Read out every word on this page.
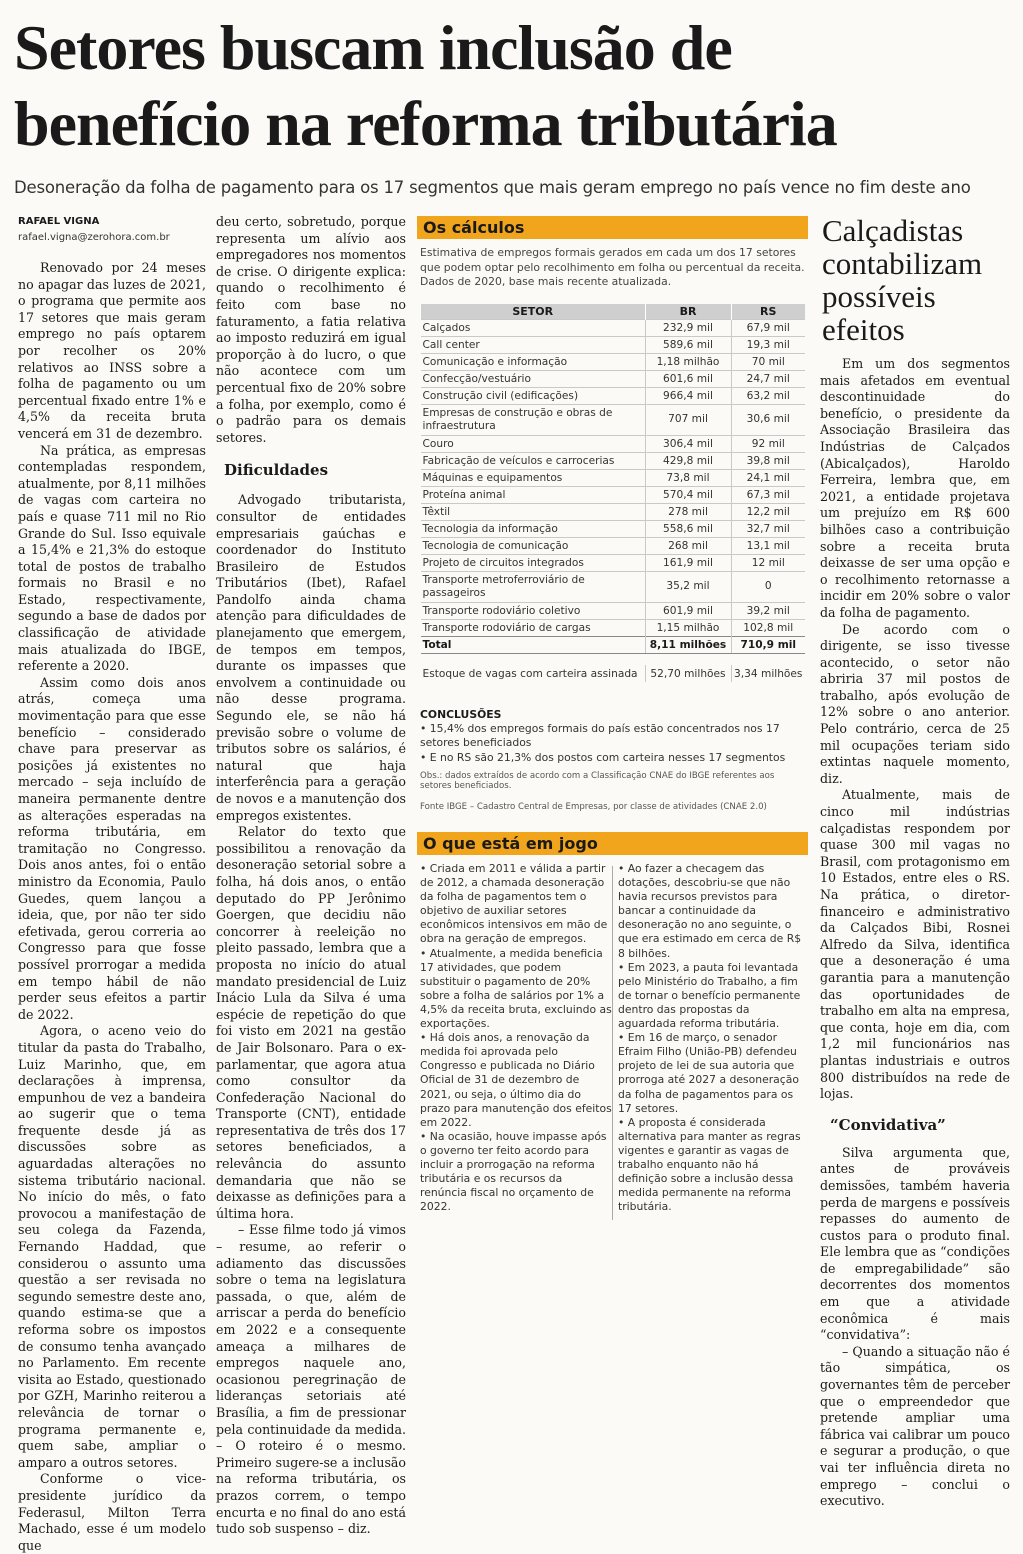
Setores buscam inclusão de
benefício na reforma tributária
Desoneração da folha de pagamento para os 17 segmentos que mais geram emprego no país vence no fim deste ano
RAFAEL VIGNA
rafael.vigna@zerohora.com.br

Renovado por 24 meses no apagar das luzes de 2021, o programa que permite aos 17 setores que mais geram emprego no país optarem por recolher os 20% relativos ao INSS sobre a folha de pagamento ou um percentual fixado entre 1% e 4,5% da receita bruta vencerá em 31 de dezembro.

Na prática, as empresas contempladas respondem, atualmente, por 8,11 milhões de vagas com carteira no país e quase 711 mil no Rio Grande do Sul. Isso equivale a 15,4% e 21,3% do estoque total de postos de trabalho formais no Brasil e no Estado, respectivamente, segundo a base de dados por classificação de atividade mais atualizada do IBGE, referente a 2020.

Assim como dois anos atrás, começa uma movimentação para que esse benefício – considerado chave para preservar as posições já existentes no mercado – seja incluído de maneira permanente dentre as alterações esperadas na reforma tributária, em tramitação no Congresso. Dois anos antes, foi o então ministro da Economia, Paulo Guedes, quem lançou a ideia, que, por não ter sido efetivada, gerou correria ao Congresso para que fosse possível prorrogar a medida em tempo hábil de não perder seus efeitos a partir de 2022.

Agora, o aceno veio do titular da pasta do Trabalho, Luiz Marinho, que, em declarações à imprensa, empunhou de vez a bandeira ao sugerir que o tema frequente desde já as discussões sobre as aguardadas alterações no sistema tributário nacional. No início do mês, o fato provocou a manifestação de seu colega da Fazenda, Fernando Haddad, que considerou o assunto uma questão a ser revisada no segundo semestre deste ano, quando estima-se que a reforma sobre os impostos de consumo tenha avançado no Parlamento. Em recente visita ao Estado, questionado por GZH, Marinho reiterou a relevância de tornar o programa permanente e, quem sabe, ampliar o amparo a outros setores.

Conforme o vice-presidente jurídico da Federasul, Milton Terra Machado, esse é um modelo que

deu certo, sobretudo, porque representa um alívio aos empregadores nos momentos de crise. O dirigente explica: quando o recolhimento é feito com base no faturamento, a fatia relativa ao imposto reduzirá em igual proporção à do lucro, o que não acontece com um percentual fixo de 20% sobre a folha, por exemplo, como é o padrão para os demais setores.

Dificuldades

Advogado tributarista, consultor de entidades empresariais gaúchas e coordenador do Instituto Brasileiro de Estudos Tributários (Ibet), Rafael Pandolfo ainda chama atenção para dificuldades de planejamento que emergem, de tempos em tempos, durante os impasses que envolvem a continuidade ou não desse programa. Segundo ele, se não há previsão sobre o volume de tributos sobre os salários, é natural que haja interferência para a geração de novos e a manutenção dos empregos existentes.

Relator do texto que possibilitou a renovação da desoneração setorial sobre a folha, há dois anos, o então deputado do PP Jerônimo Goergen, que decidiu não concorrer à reeleição no pleito passado, lembra que a proposta no início do atual mandato presidencial de Luiz Inácio Lula da Silva é uma espécie de repetição do que foi visto em 2021 na gestão de Jair Bolsonaro. Para o ex-parlamentar, que agora atua como consultor da Confederação Nacional do Transporte (CNT), entidade representativa de três dos 17 setores beneficiados, a relevância do assunto demandaria que não se deixasse as definições para a última hora.

– Esse filme todo já vimos – resume, ao referir o adiamento das discussões sobre o tema na legislatura passada, o que, além de arriscar a perda do benefício em 2022 e a consequente ameaça a milhares de empregos naquele ano, ocasionou peregrinação de lideranças setoriais até Brasília, a fim de pressionar pela continuidade da medida. – O roteiro é o mesmo. Primeiro sugere-se a inclusão na reforma tributária, os prazos correm, o tempo encurta e no final do ano está tudo sob suspenso – diz.

Os cálculos
Estimativa de empregos formais gerados em cada um dos 17 setores que podem optar pelo recolhimento em folha ou percentual da receita. Dados de 2020, base mais recente atualizada.
SETOR	BR	RS
Calçados	232,9 mil	67,9 mil
Call center	589,6 mil	19,3 mil
Comunicação e informação	1,18 milhão	70 mil
Confecção/vestuário	601,6 mil	24,7 mil
Construção civil (edificações)	966,4 mil	63,2 mil
Empresas de construção e obras de infraestrutura	707 mil	30,6 mil
Couro	306,4 mil	92 mil
Fabricação de veículos e carrocerias	429,8 mil	39,8 mil
Máquinas e equipamentos	73,8 mil	24,1 mil
Proteína animal	570,4 mil	67,3 mil
Têxtil	278 mil	12,2 mil
Tecnologia da informação	558,6 mil	32,7 mil
Tecnologia de comunicação	268 mil	13,1 mil
Projeto de circuitos integrados	161,9 mil	12 mil
Transporte metroferroviário de passageiros	35,2 mil	0
Transporte rodoviário coletivo	601,9 mil	39,2 mil
Transporte rodoviário de cargas	1,15 milhão	102,8 mil
Total	8,11 milhões	710,9 mil

Estoque de vagas com carteira assinada	52,70 milhões	3,34 milhões
CONCLUSÕES
• 15,4% dos empregos formais do país estão concentrados nos 17 setores beneficiados
• E no RS são 21,3% dos postos com carteira nesses 17 segmentos
Obs.: dados extraídos de acordo com a Classificação CNAE do IBGE referentes aos setores beneficiados.
Fonte IBGE – Cadastro Central de Empresas, por classe de atividades (CNAE 2.0)
O que está em jogo
• Criada em 2011 e válida a partir de 2012, a chamada desoneração da folha de pagamentos tem o objetivo de auxiliar setores econômicos intensivos em mão de obra na geração de empregos.
• Atualmente, a medida beneficia 17 atividades, que podem substituir o pagamento de 20% sobre a folha de salários por 1% a 4,5% da receita bruta, excluindo as exportações.
• Há dois anos, a renovação da medida foi aprovada pelo Congresso e publicada no Diário Oficial de 31 de dezembro de 2021, ou seja, o último dia do prazo para manutenção dos efeitos em 2022.
• Na ocasião, houve impasse após o governo ter feito acordo para incluir a prorrogação na reforma tributária e os recursos da renúncia fiscal no orçamento de 2022.
• Ao fazer a checagem das dotações, descobriu-se que não havia recursos previstos para bancar a continuidade da desoneração no ano seguinte, o que era estimado em cerca de R$ 8 bilhões.
• Em 2023, a pauta foi levantada pelo Ministério do Trabalho, a fim de tornar o benefício permanente dentro das propostas da aguardada reforma tributária.
• Em 16 de março, o senador Efraim Filho (União-PB) defendeu projeto de lei de sua autoria que prorroga até 2027 a desoneração da folha de pagamentos para os 17 setores.
• A proposta é considerada alternativa para manter as regras vigentes e garantir as vagas de trabalho enquanto não há definição sobre a inclusão dessa medida permanente na reforma tributária.
Calçadistas contabilizam possíveis efeitos

Em um dos segmentos mais afetados em eventual descontinuidade do benefício, o presidente da Associação Brasileira das Indústrias de Calçados (Abicalçados), Haroldo Ferreira, lembra que, em 2021, a entidade projetava um prejuízo em R$ 600 bilhões caso a contribuição sobre a receita bruta deixasse de ser uma opção e o recolhimento retornasse a incidir em 20% sobre o valor da folha de pagamento.

De acordo com o dirigente, se isso tivesse acontecido, o setor não abriria 37 mil postos de trabalho, após evolução de 12% sobre o ano anterior. Pelo contrário, cerca de 25 mil ocupações teriam sido extintas naquele momento, diz.

Atualmente, mais de cinco mil indústrias calçadistas respondem por quase 300 mil vagas no Brasil, com protagonismo em 10 Estados, entre eles o RS. Na prática, o diretor-financeiro e administrativo da Calçados Bibi, Rosnei Alfredo da Silva, identifica que a desoneração é uma garantia para a manutenção das oportunidades de trabalho em alta na empresa, que conta, hoje em dia, com 1,2 mil funcionários nas plantas industriais e outros 800 distribuídos na rede de lojas.

“Convidativa”

Silva argumenta que, antes de prováveis demissões, também haveria perda de margens e possíveis repasses do aumento de custos para o produto final. Ele lembra que as “condições de empregabilidade” são decorrentes dos momentos em que a atividade econômica é mais “convidativa”:

– Quando a situação não é tão simpática, os governantes têm de perceber que o empreendedor que pretende ampliar uma fábrica vai calibrar um pouco e segurar a produção, o que vai ter influência direta no emprego – conclui o executivo.
